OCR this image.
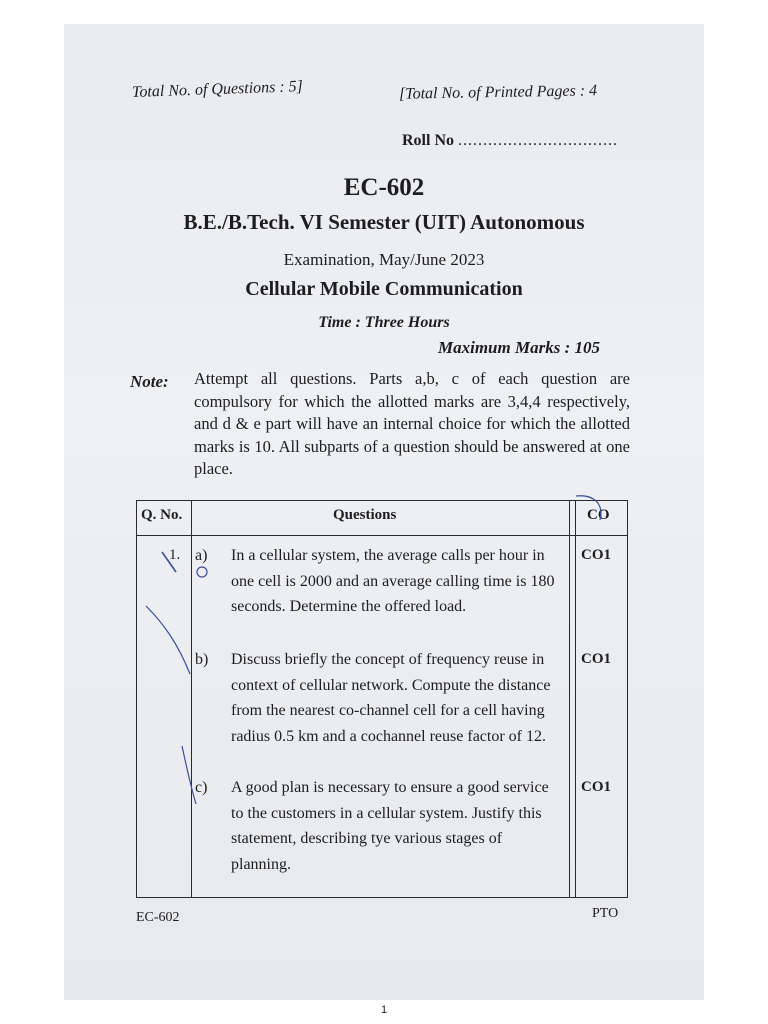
Total No. of Questions : 5]	[Total No. of Printed Pages : 4
Roll No ................................
EC-602
B.E./B.Tech. VI Semester (UIT) Autonomous
Examination, May/June 2023
Cellular Mobile Communication
Time : Three Hours
Maximum Marks : 105
Note: Attempt all questions. Parts a,b, c of each question are compulsory for which the allotted marks are 3,4,4 respectively, and d & e part will have an internal choice for which the allotted marks is 10. All subparts of a question should be answered at one place.
Q. No.	Questions	CO
1. a) In a cellular system, the average calls per hour in one cell is 2000 and an average calling time is 180 seconds. Determine the offered load.
CO1
b) Discuss briefly the concept of frequency reuse in context of cellular network. Compute the distance from the nearest co-channel cell for a cell having radius 0.5 km and a cochannel reuse factor of 12.
CO1
c) A good plan is necessary to ensure a good service to the customers in a cellular system. Justify this statement, describing tye various stages of planning.
CO1
EC-602	PTO
1
